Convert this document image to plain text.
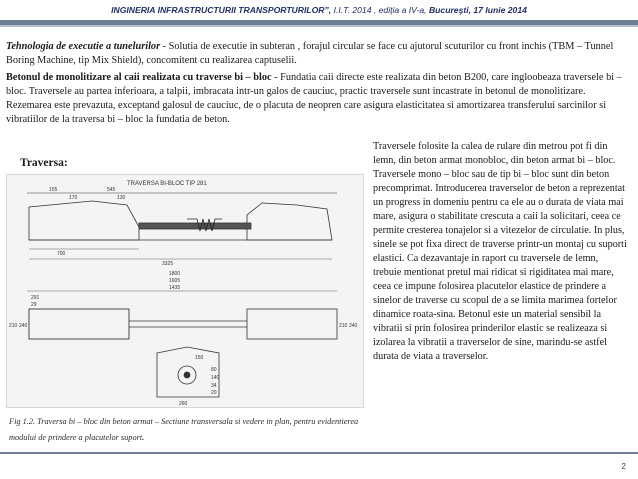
INGINERIA INFRASTRUCTURII TRANSPORTURILOR”, I.I.T. 2014 , ediţia a IV-a, Bucureşti, 17 Iunie 2014

Tehnologia de executie a tunelurilor - Solutia de executie in subteran , forajul circular se face cu ajutorul scuturilor cu front inchis (TBM – Tunnel Boring Machine, tip Mix Shield), concomitent cu realizarea captuselii.

Betonul de monolitizare al caii realizata cu traverse bi – bloc - Fundatia caii directe este realizata din beton B200, care ingloobeaza traversele bi – bloc. Traversele au partea inferioara, a talpii, imbracata intr-un galos de cauciuc, practic traversele sunt incastrate in betonul de monolitizare. Rezemarea este prevazuta, exceptand galosul de cauciuc, de o placuta de neopren care asigura elasticitatea si amortizarea transferului sarcinilor si vibratiilor de la traversa bi – bloc la fundatia de beton.

Traversa:
TRAVERSA BI-BLOC TIP 281
155
170
545
130
700
3325
1800
1605
1435
291
29
210 240	210 240
150
80
140
34
20
260
Fig 1.2. Traversa bi – bloc din beton armat – Sectiune transversala si vedere in plan, pentru evidentierea modului de prindere a placutelor suport.
Traversele folosite la calea de rulare din metrou pot fi din lemn, din beton armat monobloc, din beton armat bi – bloc. Traversele mono – bloc sau de tip bi – bloc sunt din beton precomprimat. Introducerea traverselor de beton a reprezentat un progress in domeniu pentru ca ele au o durata de viata mai mare, asigura o stabilitate crescuta a caii la solicitari, ceea ce permite cresterea tonajelor si a vitezelor de circulatie. In plus, sinele se pot fixa direct de traverse printr-un montaj cu suporti elastici. Ca dezavantaje in raport cu traversele de lemn, trebuie mentionat pretul mai ridicat si rigiditatea mai mare, ceea ce impune folosirea placutelor elastice de prindere a sinelor de traverse cu scopul de a se limita marimea fortelor dinamice roata-sina. Betonul este un material sensibil la vibratii si prin folosirea prinderilor elastic se realizeaza si izolarea la vibratii a traverselor de sine, marindu-se astfel durata de viata a traverselor.
2
